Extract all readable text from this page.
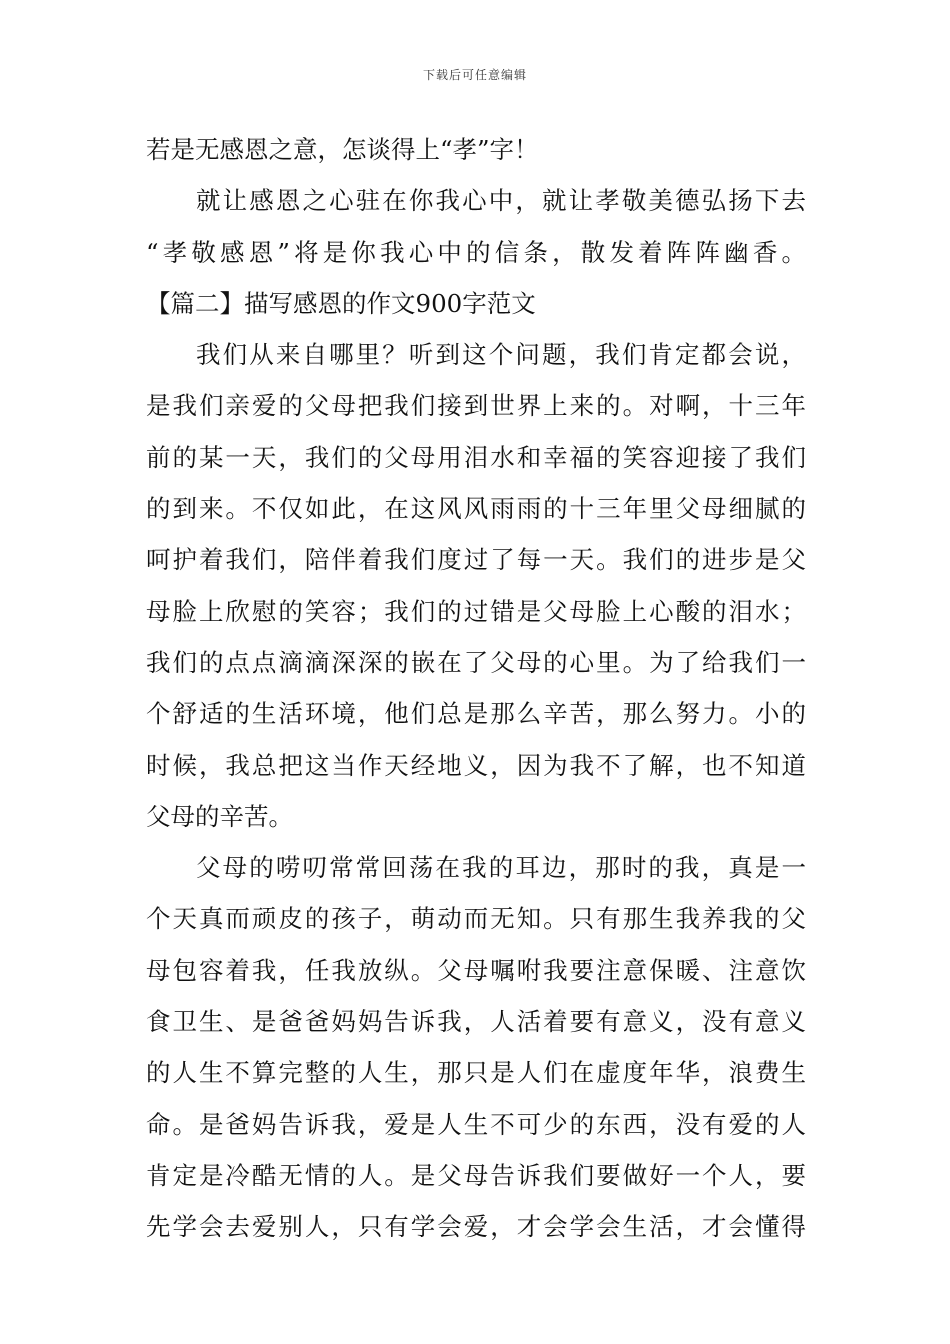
下载后可任意编辑
若是无感恩之意，怎谈得上“孝”字！
就让感恩之心驻在你我心中，就让孝敬美德弘扬下去
“孝敬感恩”将是你我心中的信条，散发着阵阵幽香。
【篇二】描写感恩的作文900字范文
我们从来自哪里？听到这个问题，我们肯定都会说，
是我们亲爱的父母把我们接到世界上来的。对啊，十三年
前的某一天，我们的父母用泪水和幸福的笑容迎接了我们
的到来。不仅如此，在这风风雨雨的十三年里父母细腻的
呵护着我们，陪伴着我们度过了每一天。我们的进步是父
母脸上欣慰的笑容；我们的过错是父母脸上心酸的泪水；
我们的点点滴滴深深的嵌在了父母的心里。为了给我们一
个舒适的生活环境，他们总是那么辛苦，那么努力。小的
时候，我总把这当作天经地义，因为我不了解，也不知道
父母的辛苦。
父母的唠叨常常回荡在我的耳边，那时的我，真是一
个天真而顽皮的孩子，萌动而无知。只有那生我养我的父
母包容着我，任我放纵。父母嘱咐我要注意保暖、注意饮
食卫生、是爸爸妈妈告诉我，人活着要有意义，没有意义
的人生不算完整的人生，那只是人们在虚度年华，浪费生
命。是爸妈告诉我，爱是人生不可少的东西，没有爱的人
肯定是冷酷无情的人。是父母告诉我们要做好一个人，要
先学会去爱别人，只有学会爱，才会学会生活，才会懂得
